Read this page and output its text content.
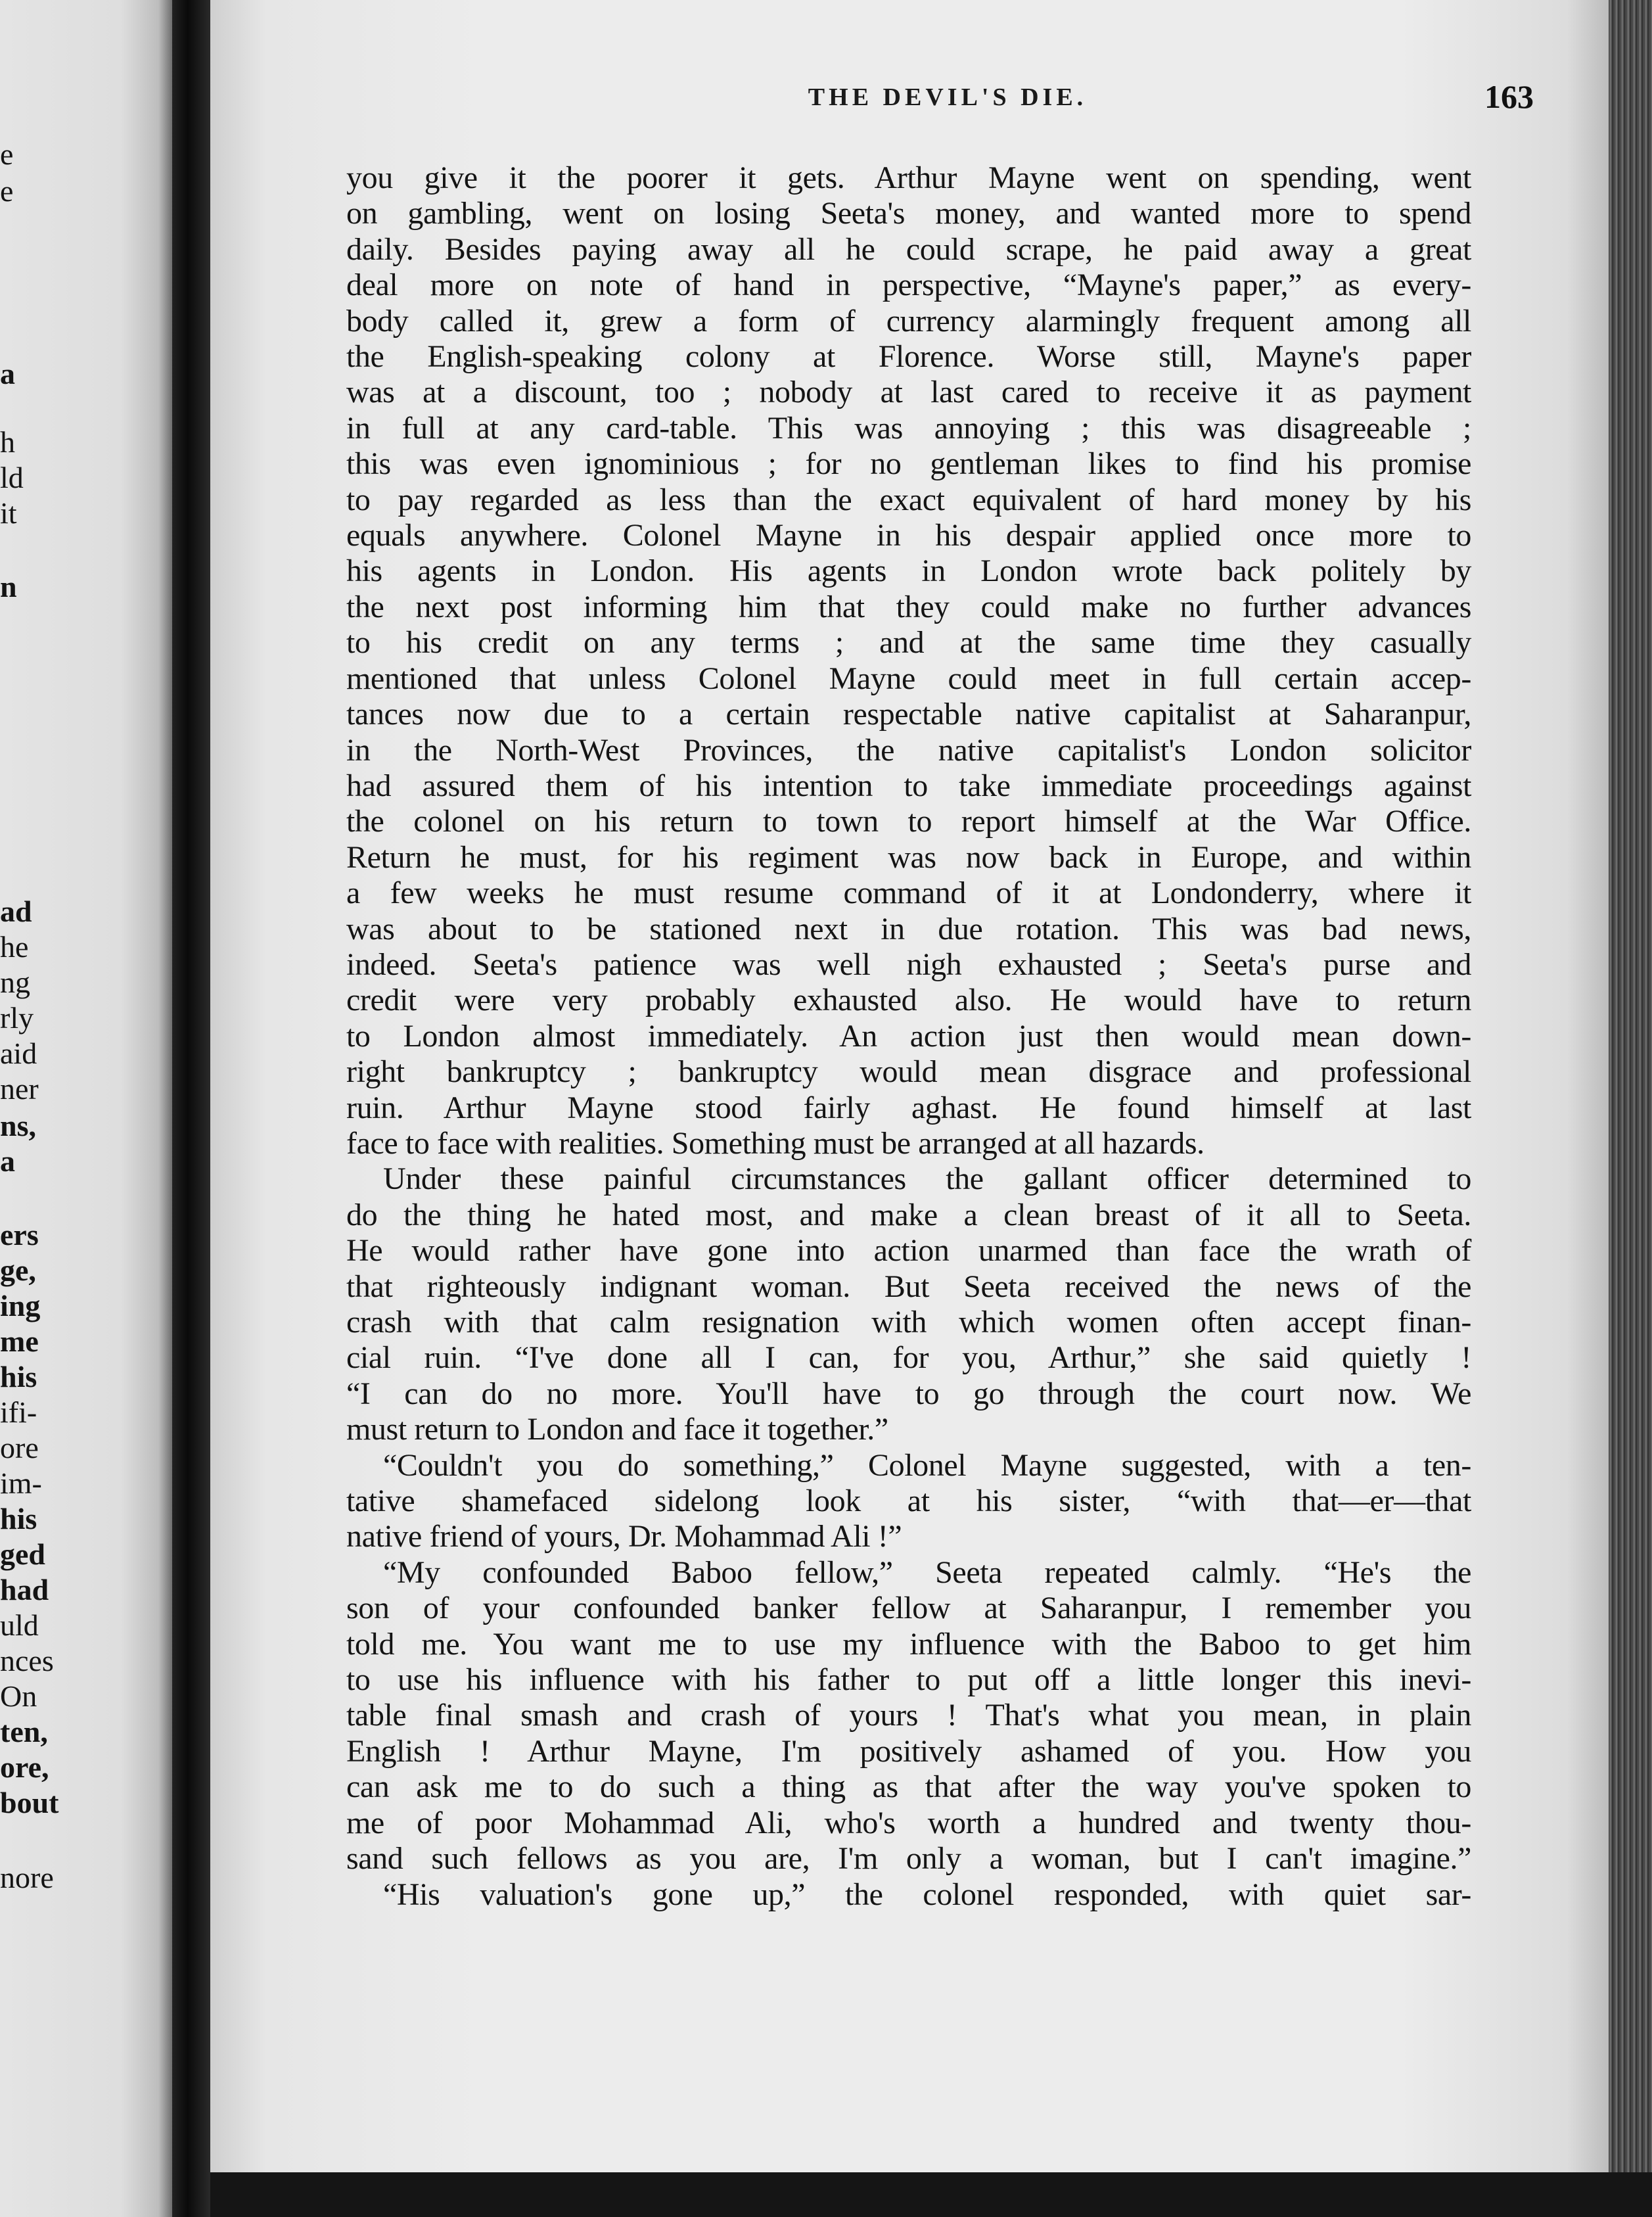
e
e
a
h
ld
it
n
ad
he
ng
rly
aid
ner
ns,
a
ers
ge,
ing
me
his
ifi-
ore
im-
his
ged
had
uld
nces
On
ten,
ore,
bout
nore
THE DEVIL'S DIE.	163

you give it the poorer it gets. Arthur Mayne went on spending, went

on gambling, went on losing Seeta's money, and wanted more to spend

daily. Besides paying away all he could scrape, he paid away a great

deal more on note of hand in perspective, “Mayne's paper,” as every-

body called it, grew a form of currency alarmingly frequent among all

the English-speaking colony at Florence. Worse still, Mayne's paper

was at a discount, too ; nobody at last cared to receive it as payment

in full at any card-table. This was annoying ; this was disagreeable ;

this was even ignominious ; for no gentleman likes to find his promise

to pay regarded as less than the exact equivalent of hard money by his

equals anywhere. Colonel Mayne in his despair applied once more to

his agents in London. His agents in London wrote back politely by

the next post informing him that they could make no further advances

to his credit on any terms ; and at the same time they casually

mentioned that unless Colonel Mayne could meet in full certain accep-

tances now due to a certain respectable native capitalist at Saharanpur,

in the North-West Provinces, the native capitalist's London solicitor

had assured them of his intention to take immediate proceedings against

the colonel on his return to town to report himself at the War Office.

Return he must, for his regiment was now back in Europe, and within

a few weeks he must resume command of it at Londonderry, where it

was about to be stationed next in due rotation. This was bad news,

indeed. Seeta's patience was well nigh exhausted ; Seeta's purse and

credit were very probably exhausted also. He would have to return

to London almost immediately. An action just then would mean down-

right bankruptcy ; bankruptcy would mean disgrace and professional

ruin. Arthur Mayne stood fairly aghast. He found himself at last

face to face with realities. Something must be arranged at all hazards.

Under these painful circumstances the gallant officer determined to

do the thing he hated most, and make a clean breast of it all to Seeta.

He would rather have gone into action unarmed than face the wrath of

that righteously indignant woman. But Seeta received the news of the

crash with that calm resignation with which women often accept finan-

cial ruin. “I've done all I can, for you, Arthur,” she said quietly !

“I can do no more. You'll have to go through the court now. We

must return to London and face it together.”

“Couldn't you do something,” Colonel Mayne suggested, with a ten-

tative shamefaced sidelong look at his sister, “with that—er—that

native friend of yours, Dr. Mohammad Ali !”

“My confounded Baboo fellow,” Seeta repeated calmly. “He's the

son of your confounded banker fellow at Saharanpur, I remember you

told me. You want me to use my influence with the Baboo to get him

to use his influence with his father to put off a little longer this inevi-

table final smash and crash of yours ! That's what you mean, in plain

English ! Arthur Mayne, I'm positively ashamed of you. How you

can ask me to do such a thing as that after the way you've spoken to

me of poor Mohammad Ali, who's worth a hundred and twenty thou-

sand such fellows as you are, I'm only a woman, but I can't imagine.”

“His valuation's gone up,” the colonel responded, with quiet sar-
